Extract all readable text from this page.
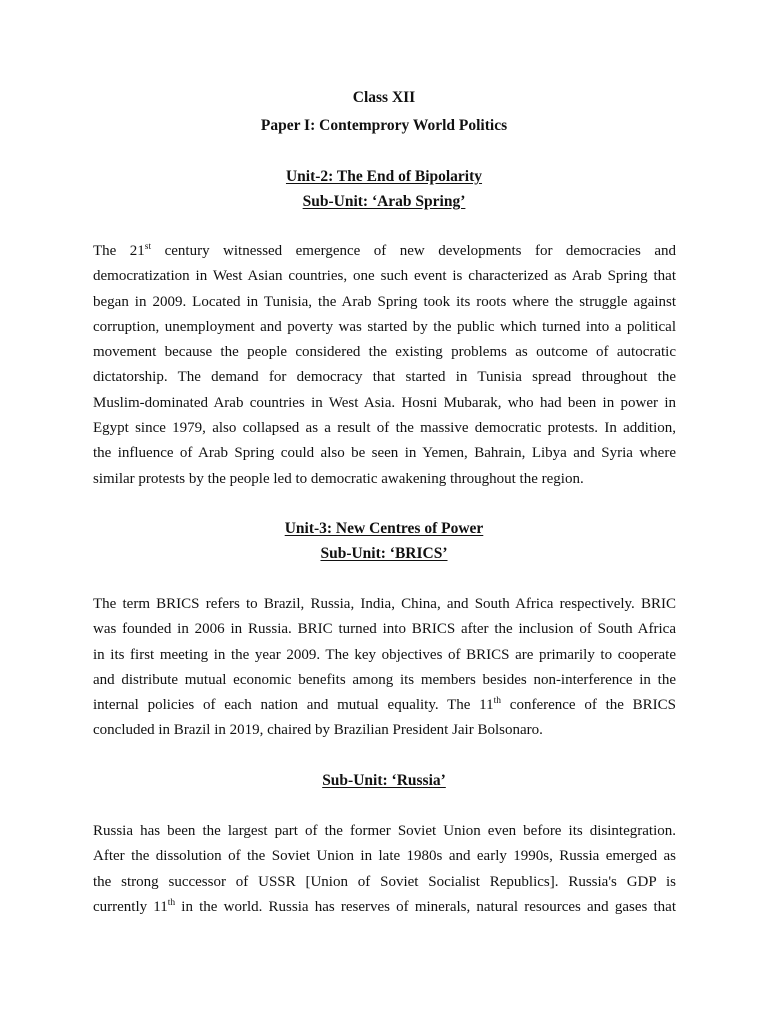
Class XII

Paper I: Contemprory World Politics

Unit-2: The End of Bipolarity

Sub-Unit: ‘Arab Spring’

The 21st century witnessed emergence of new developments for democracies and
democratization in West Asian countries, one such event is characterized as Arab Spring that
began in 2009. Located in Tunisia, the Arab Spring took its roots where the struggle against
corruption, unemployment and poverty was started by the public which turned into a political
movement because the people considered the existing problems as outcome of autocratic
dictatorship. The demand for democracy that started in Tunisia spread throughout the
Muslim-dominated Arab countries in West Asia. Hosni Mubarak, who had been in power in
Egypt since 1979, also collapsed as a result of the massive democratic protests. In addition,
the influence of Arab Spring could also be seen in Yemen, Bahrain, Libya and Syria where
similar protests by the people led to democratic awakening throughout the region.

Unit-3: New Centres of Power

Sub-Unit: ‘BRICS’

The term BRICS refers to Brazil, Russia, India, China, and South Africa respectively. BRIC
was founded in 2006 in Russia. BRIC turned into BRICS after the inclusion of South Africa
in its first meeting in the year 2009. The key objectives of BRICS are primarily to cooperate
and distribute mutual economic benefits among its members besides non-interference in the
internal policies of each nation and mutual equality. The 11th conference of the BRICS
concluded in Brazil in 2019, chaired by Brazilian President Jair Bolsonaro.

Sub-Unit: ‘Russia’

Russia has been the largest part of the former Soviet Union even before its disintegration.
After the dissolution of the Soviet Union in late 1980s and early 1990s, Russia emerged as
the strong successor of USSR [Union of Soviet Socialist Republics]. Russia's GDP is
currently 11th in the world. Russia has reserves of minerals, natural resources and gases that
